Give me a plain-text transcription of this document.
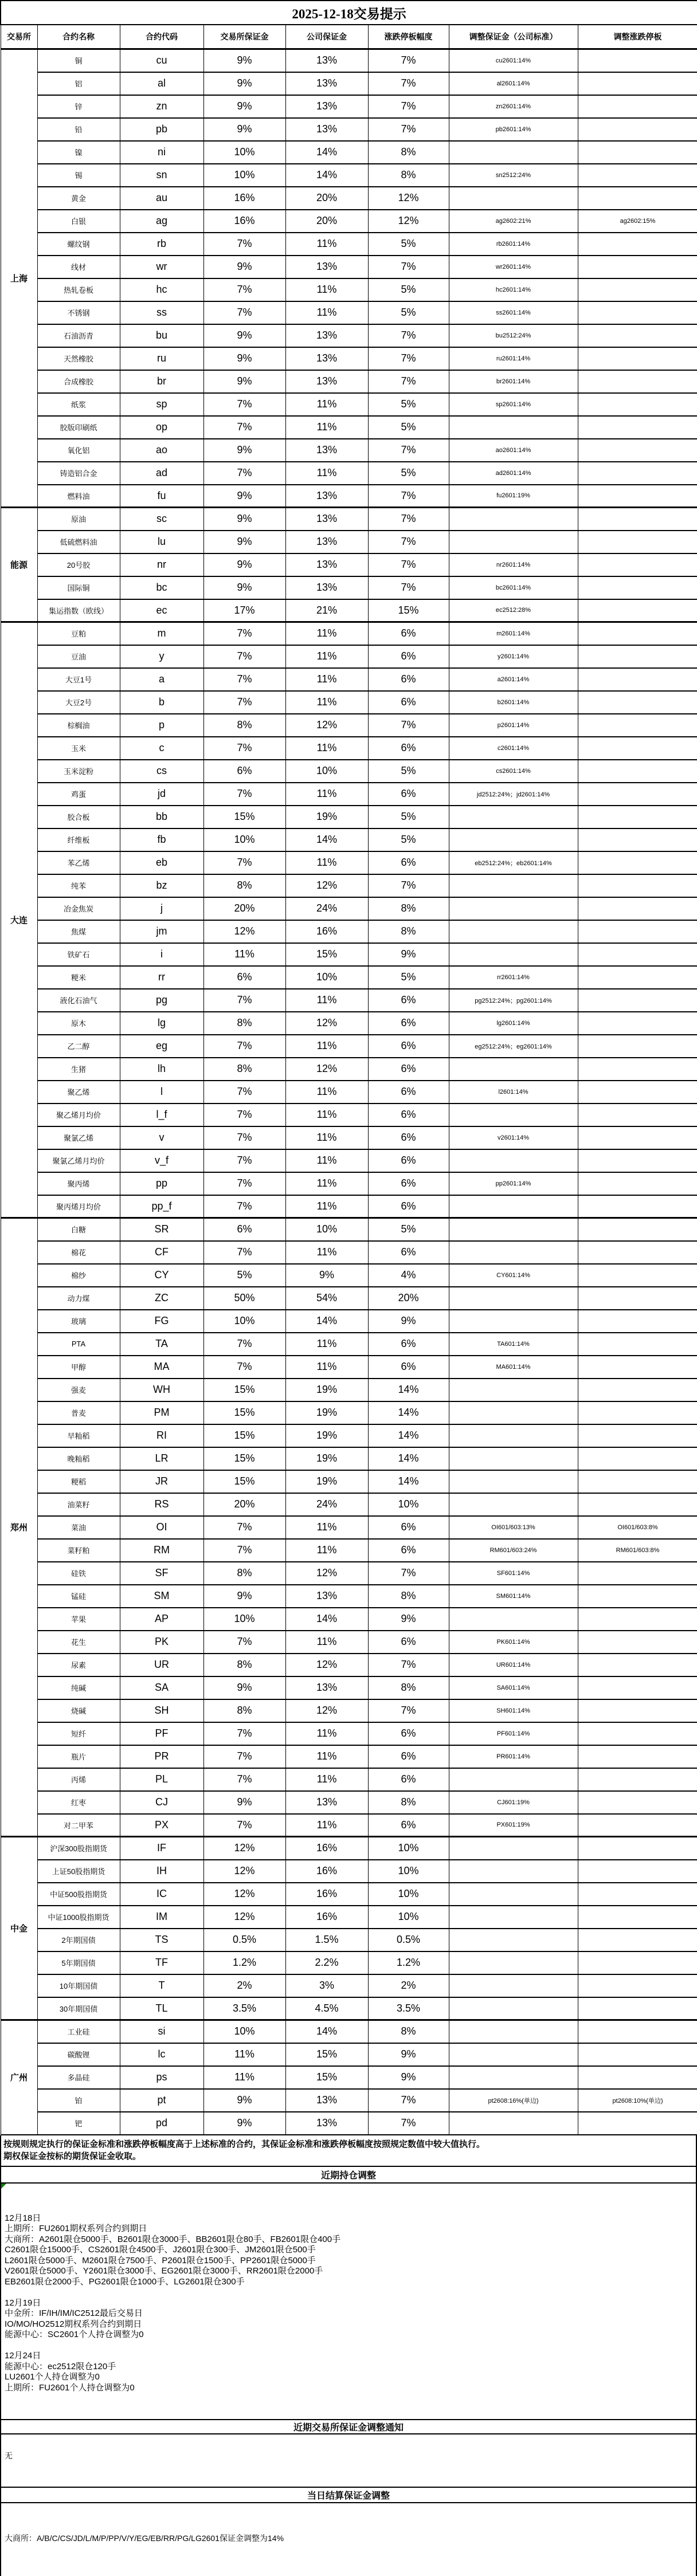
2025-12-18交易提示							
交易所	合约名称	合约代码	交易所保证金	公司保证金	涨跌停板幅度	调整保证金（公司标准）	调整涨跌停板
上海	铜	cu	9%	13%	7%	cu2601:14%	
	铝	al	9%	13%	7%	al2601:14%	
	锌	zn	9%	13%	7%	zn2601:14%	
	铅	pb	9%	13%	7%	pb2601:14%	
	镍	ni	10%	14%	8%		
	锡	sn	10%	14%	8%	sn2512:24%	
	黄金	au	16%	20%	12%		
	白银	ag	16%	20%	12%	ag2602:21%	ag2602:15%
	螺纹钢	rb	7%	11%	5%	rb2601:14%	
	线材	wr	9%	13%	7%	wr2601:14%	
	热轧卷板	hc	7%	11%	5%	hc2601:14%	
	不锈钢	ss	7%	11%	5%	ss2601:14%	
	石油沥青	bu	9%	13%	7%	bu2512:24%	
	天然橡胶	ru	9%	13%	7%	ru2601:14%	
	合成橡胶	br	9%	13%	7%	br2601:14%	
	纸浆	sp	7%	11%	5%	sp2601:14%	
	胶版印刷纸	op	7%	11%	5%		
	氧化铝	ao	9%	13%	7%	ao2601:14%	
	铸造铝合金	ad	7%	11%	5%	ad2601:14%	
	燃料油	fu	9%	13%	7%	fu2601:19%	
能源	原油	sc	9%	13%	7%		
	低硫燃料油	lu	9%	13%	7%		
	20号胶	nr	9%	13%	7%	nr2601:14%	
	国际铜	bc	9%	13%	7%	bc2601:14%	
	集运指数（欧线）	ec	17%	21%	15%	ec2512:28%	
大连	豆粕	m	7%	11%	6%	m2601:14%	
	豆油	y	7%	11%	6%	y2601:14%	
	大豆1号	a	7%	11%	6%	a2601:14%	
	大豆2号	b	7%	11%	6%	b2601:14%	
	棕榈油	p	8%	12%	7%	p2601:14%	
	玉米	c	7%	11%	6%	c2601:14%	
	玉米淀粉	cs	6%	10%	5%	cs2601:14%	
	鸡蛋	jd	7%	11%	6%	jd2512:24%；jd2601:14%	
	胶合板	bb	15%	19%	5%		
	纤维板	fb	10%	14%	5%		
	苯乙烯	eb	7%	11%	6%	eb2512:24%；eb2601:14%	
	纯苯	bz	8%	12%	7%		
	冶金焦炭	j	20%	24%	8%		
	焦煤	jm	12%	16%	8%		
	铁矿石	i	11%	15%	9%		
	粳米	rr	6%	10%	5%	rr2601:14%	
	液化石油气	pg	7%	11%	6%	pg2512:24%；pg2601:14%	
	原木	lg	8%	12%	6%	lg2601:14%	
	乙二醇	eg	7%	11%	6%	eg2512:24%；eg2601:14%	
	生猪	lh	8%	12%	6%		
	聚乙烯	l	7%	11%	6%	l2601:14%	
	聚乙烯月均价	l_f	7%	11%	6%		
	聚氯乙烯	v	7%	11%	6%	v2601:14%	
	聚氯乙烯月均价	v_f	7%	11%	6%		
	聚丙烯	pp	7%	11%	6%	pp2601:14%	
	聚丙烯月均价	pp_f	7%	11%	6%		
郑州	白糖	SR	6%	10%	5%		
	棉花	CF	7%	11%	6%		
	棉纱	CY	5%	9%	4%	CY601:14%	
	动力煤	ZC	50%	54%	20%		
	玻璃	FG	10%	14%	9%		
	PTA	TA	7%	11%	6%	TA601:14%	
	甲醇	MA	7%	11%	6%	MA601:14%	
	强麦	WH	15%	19%	14%		
	普麦	PM	15%	19%	14%		
	早籼稻	RI	15%	19%	14%		
	晚籼稻	LR	15%	19%	14%		
	粳稻	JR	15%	19%	14%		
	油菜籽	RS	20%	24%	10%		
	菜油	OI	7%	11%	6%	OI601/603:13%	OI601/603:8%
	菜籽粕	RM	7%	11%	6%	RM601/603:24%	RM601/603:8%
	硅铁	SF	8%	12%	7%	SF601:14%	
	锰硅	SM	9%	13%	8%	SM601:14%	
	苹果	AP	10%	14%	9%		
	花生	PK	7%	11%	6%	PK601:14%	
	尿素	UR	8%	12%	7%	UR601:14%	
	纯碱	SA	9%	13%	8%	SA601:14%	
	烧碱	SH	8%	12%	7%	SH601:14%	
	短纤	PF	7%	11%	6%	PF601:14%	
	瓶片	PR	7%	11%	6%	PR601:14%	
	丙烯	PL	7%	11%	6%		
	红枣	CJ	9%	13%	8%	CJ601:19%	
	对二甲苯	PX	7%	11%	6%	PX601:19%	
中金	沪深300股指期货	IF	12%	16%	10%		
	上证50股指期货	IH	12%	16%	10%		
	中证500股指期货	IC	12%	16%	10%		
	中证1000股指期货	IM	12%	16%	10%		
	2年期国债	TS	0.5%	1.5%	0.5%		
	5年期国债	TF	1.2%	2.2%	1.2%		
	10年期国债	T	2%	3%	2%		
	30年期国债	TL	3.5%	4.5%	3.5%		
广州	工业硅	si	10%	14%	8%		
	碳酸锂	lc	11%	15%	9%		
	多晶硅	ps	11%	15%	9%		
	铂	pt	9%	13%	7%	pt2608:16%(单边)	pt2608:10%(单边)
	钯	pd	9%	13%	7%		
按规则规定执行的保证金标准和涨跌停板幅度高于上述标准的合约，其保证金标准和涨跌停板幅度按照规定数值中较大值执行。
期权保证金按标的期货保证金收取。
近期持仓调整
12月18日
上期所：FU2601期权系列合约到期日
大商所：A2601限仓5000手、B2601限仓3000手、BB2601限仓80手、FB2601限仓400手
C2601限仓15000手、CS2601限仓4500手、J2601限仓300手、JM2601限仓500手
L2601限仓5000手、M2601限仓7500手、P2601限仓1500手、PP2601限仓5000手
V2601限仓5000手、Y2601限仓3000手、EG2601限仓3000手、RR2601限仓2000手
EB2601限仓2000手、PG2601限仓1000手、LG2601限仓300手
12月19日
中金所：IF/IH/IM/IC2512最后交易日
IO/MO/HO2512期权系列合约到期日
能源中心：SC2601个人持仓调整为0
12月24日
能源中心：ec2512限仓120手
LU2601个人持仓调整为0
上期所：FU2601个人持仓调整为0
近期交易所保证金调整通知
无
当日结算保证金调整
大商所：A/B/C/CS/JD/L/M/P/PP/V/Y/EG/EB/RR/PG/LG2601保证金调整为14%
